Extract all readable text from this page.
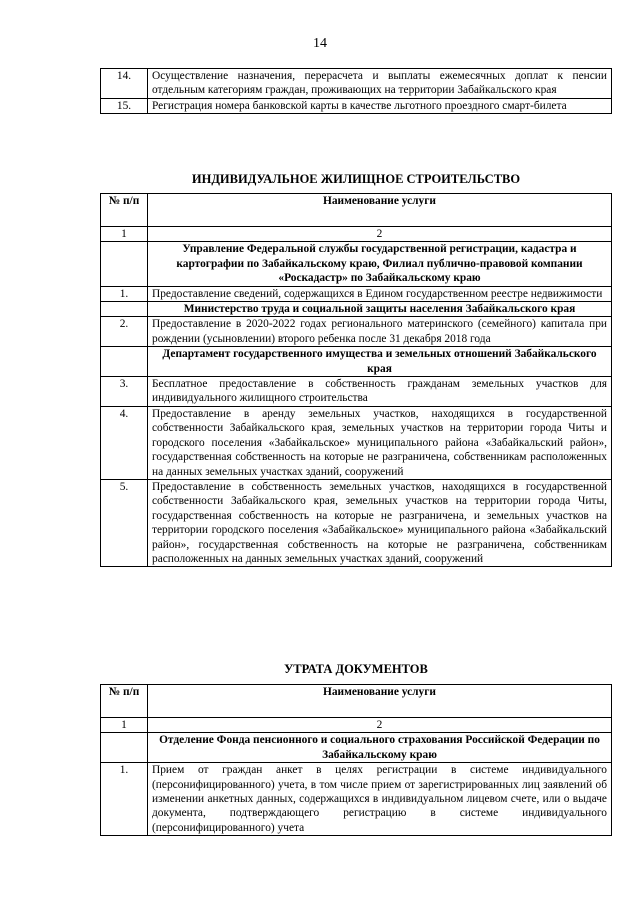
14
14.	Осуществление назначения, перерасчета и выплаты ежемесячных доплат к пенсии отдельным категориям граждан, проживающих на территории Забайкальского края
15.	Регистрация номера банковской карты в качестве льготного проездного смарт-билета
ИНДИВИДУАЛЬНОЕ ЖИЛИЩНОЕ СТРОИТЕЛЬСТВО
№ п/п	Наименование услуги
1	2
	Управление Федеральной службы государственной регистрации, кадастра и картографии по Забайкальскому краю, Филиал публично-правовой компании «Роскадастр» по Забайкальскому краю
1.	Предоставление сведений, содержащихся в Едином государственном реестре недвижимости
	Министерство труда и социальной защиты населения Забайкальского края
2.	Предоставление в 2020-2022 годах регионального материнского (семейного) капитала при рождении (усыновлении) второго ребенка после 31 декабря 2018 года
	Департамент государственного имущества и земельных отношений Забайкальского края
3.	Бесплатное предоставление в собственность гражданам земельных участков для индивидуального жилищного строительства
4.	Предоставление в аренду земельных участков, находящихся в государственной собственности Забайкальского края, земельных участков на территории города Читы и городского поселения «Забайкальское» муниципального района «Забайкальский район», государственная собственность на которые не разграничена, собственникам расположенных на данных земельных участках зданий, сооружений
5.	Предоставление в собственность земельных участков, находящихся в государственной собственности Забайкальского края, земельных участков на территории города Читы, государственная собственность на которые не разграничена, и земельных участков на территории городского поселения «Забайкальское» муниципального района «Забайкальский район», государственная собственность на которые не разграничена, собственникам расположенных на данных земельных участках зданий, сооружений
УТРАТА ДОКУМЕНТОВ
№ п/п	Наименование услуги
1	2
	Отделение Фонда пенсионного и социального страхования Российской Федерации по Забайкальскому краю
1.	Прием от граждан анкет в целях регистрации в системе индивидуального (персонифицированного) учета, в том числе прием от зарегистрированных лиц заявлений об изменении анкетных данных, содержащихся в индивидуальном лицевом счете, или о выдаче документа, подтверждающего регистрацию в системе индивидуального (персонифицированного) учета
